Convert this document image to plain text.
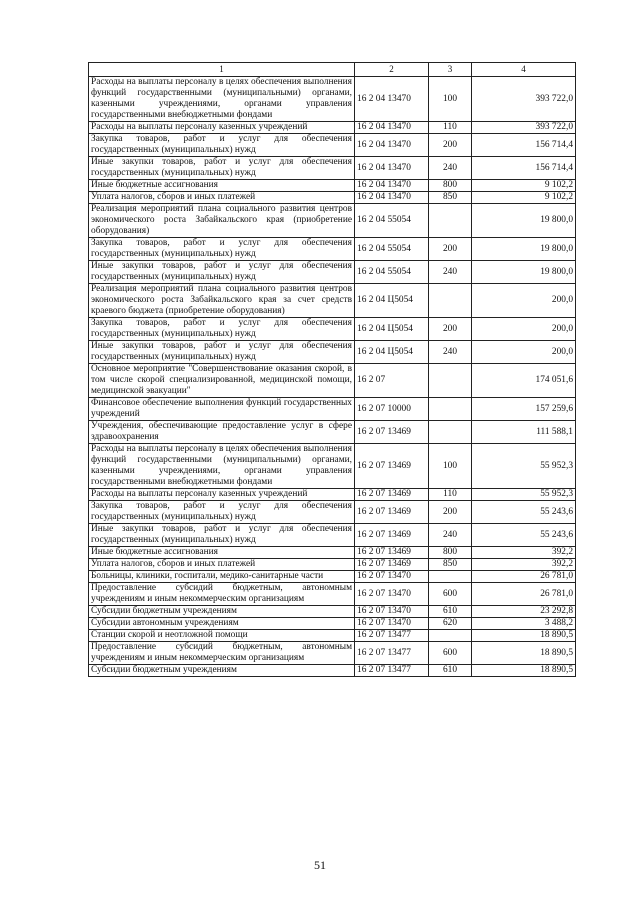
1	2	3	4
Расходы на выплаты персоналу в целях обеспечения выполнения функций государственными (муниципальными) органами, казенными учреждениями, органами управления государственными внебюджетными фондами	16 2 04 13470	100	393 722,0
Расходы на выплаты персоналу казенных учреждений	16 2 04 13470	110	393 722,0
Закупка товаров, работ и услуг для обеспечения государственных (муниципальных) нужд	16 2 04 13470	200	156 714,4
Иные закупки товаров, работ и услуг для обеспечения государственных (муниципальных) нужд	16 2 04 13470	240	156 714,4
Иные бюджетные ассигнования	16 2 04 13470	800	9 102,2
Уплата налогов, сборов и иных платежей	16 2 04 13470	850	9 102,2
Реализация мероприятий плана социального развития центров экономического роста Забайкальского края (приобретение оборудования)	16 2 04 55054		19 800,0
Закупка товаров, работ и услуг для обеспечения государственных (муниципальных) нужд	16 2 04 55054	200	19 800,0
Иные закупки товаров, работ и услуг для обеспечения государственных (муниципальных) нужд	16 2 04 55054	240	19 800,0
Реализация мероприятий плана социального развития центров экономического роста Забайкальского края за счет средств краевого бюджета (приобретение оборудования)	16 2 04 Ц5054		200,0
Закупка товаров, работ и услуг для обеспечения государственных (муниципальных) нужд	16 2 04 Ц5054	200	200,0
Иные закупки товаров, работ и услуг для обеспечения государственных (муниципальных) нужд	16 2 04 Ц5054	240	200,0
Основное мероприятие "Совершенствование оказания скорой, в том числе скорой специализированной, медицинской помощи, медицинской эвакуации"	16 2 07		174 051,6
Финансовое обеспечение выполнения функций государственных учреждений	16 2 07 10000		157 259,6
Учреждения, обеспечивающие предоставление услуг в сфере здравоохранения	16 2 07 13469		111 588,1
Расходы на выплаты персоналу в целях обеспечения выполнения функций государственными (муниципальными) органами, казенными учреждениями, органами управления государственными внебюджетными фондами	16 2 07 13469	100	55 952,3
Расходы на выплаты персоналу казенных учреждений	16 2 07 13469	110	55 952,3
Закупка товаров, работ и услуг для обеспечения государственных (муниципальных) нужд	16 2 07 13469	200	55 243,6
Иные закупки товаров, работ и услуг для обеспечения государственных (муниципальных) нужд	16 2 07 13469	240	55 243,6
Иные бюджетные ассигнования	16 2 07 13469	800	392,2
Уплата налогов, сборов и иных платежей	16 2 07 13469	850	392,2
Больницы, клиники, госпитали, медико-санитарные части	16 2 07 13470		26 781,0
Предоставление субсидий бюджетным, автономным учреждениям и иным некоммерческим организациям	16 2 07 13470	600	26 781,0
Субсидии бюджетным учреждениям	16 2 07 13470	610	23 292,8
Субсидии автономным учреждениям	16 2 07 13470	620	3 488,2
Станции скорой и неотложной помощи	16 2 07 13477		18 890,5
Предоставление субсидий бюджетным, автономным учреждениям и иным некоммерческим организациям	16 2 07 13477	600	18 890,5
Субсидии бюджетным учреждениям	16 2 07 13477	610	18 890,5
51
